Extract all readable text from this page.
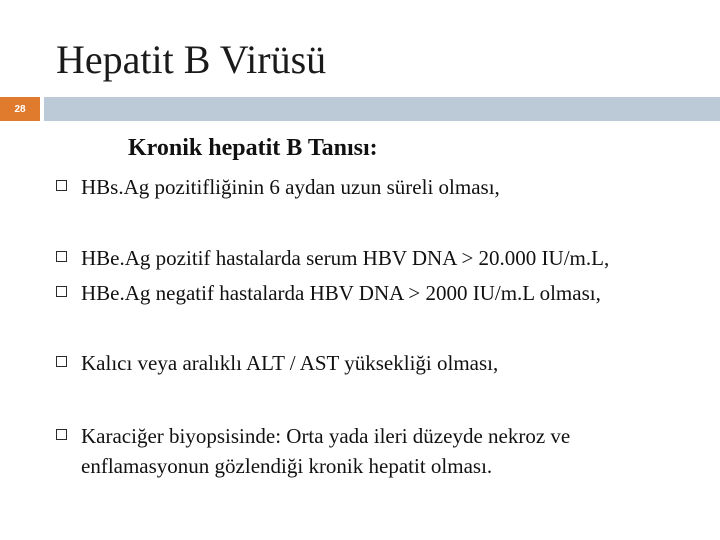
Hepatit B Virüsü
28
Kronik hepatit B Tanısı:
HBs.Ag pozitifliğinin 6 aydan uzun süreli olması,
HBe.Ag pozitif hastalarda serum HBV DNA > 20.000 IU/m.L,
HBe.Ag negatif hastalarda HBV DNA > 2000 IU/m.L olması,
Kalıcı veya aralıklı ALT / AST yüksekliği olması,
Karaciğer biyopsisinde: Orta yada ileri düzeyde nekroz ve enflamasyonun gözlendiği kronik hepatit olması.
